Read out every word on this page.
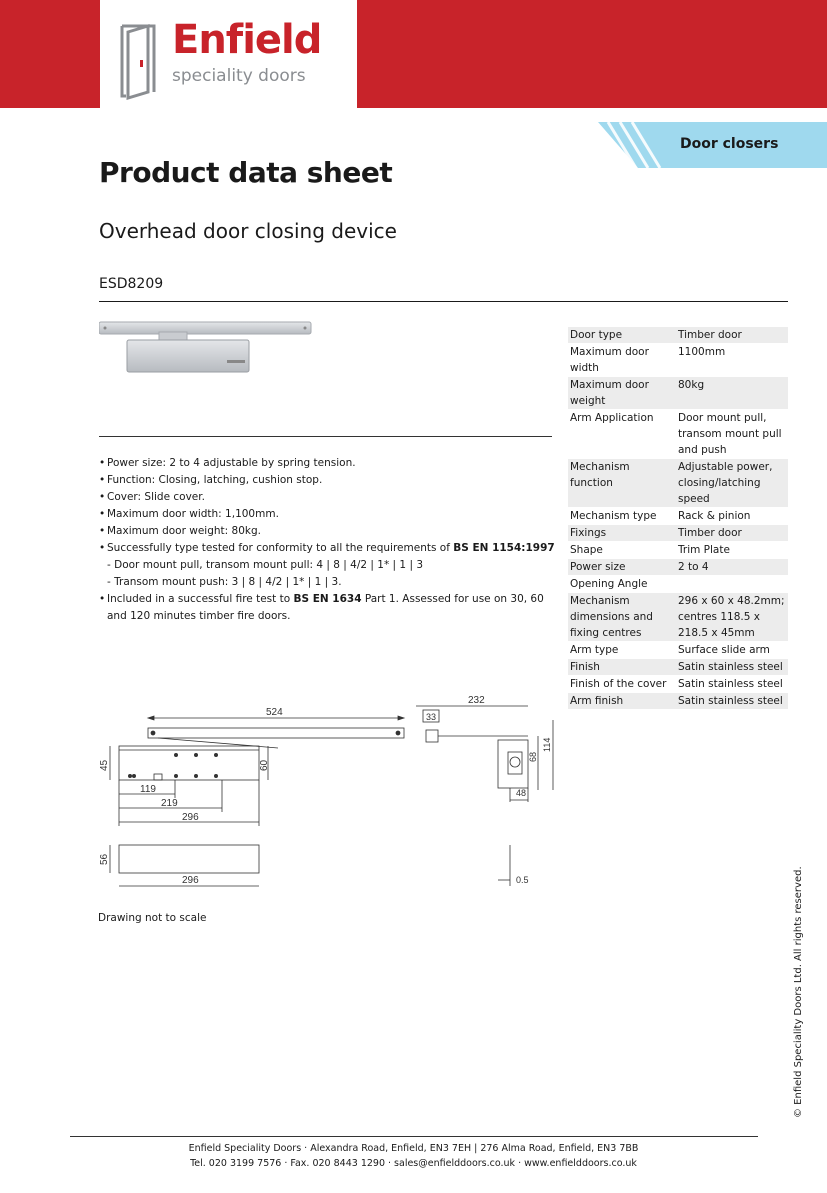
Enfield
speciality doors
Door closers
Product data sheet
Overhead door closing device
ESD8209
• Power size: 2 to 4 adjustable by spring tension.
• Function: Closing, latching, cushion stop.
• Cover: Slide cover.
• Maximum door width: 1,100mm.
• Maximum door weight: 80kg.
• Successfully type tested for conformity to all the requirements of BS EN 1154:1997
- Door mount pull, transom mount pull: 4 | 8 | 4/2 | 1* | 1 | 3
- Transom mount push: 3 | 8 | 4/2 | 1* | 1 | 3.
• Included in a successful fire test to BS EN 1634 Part 1. Assessed for use on 30, 60 and 120 minutes timber fire doors.
Door type	Timber door
Maximum door width	1100mm
Maximum door weight	80kg
Arm Application	Door mount pull, transom mount pull and push
Mechanism function	Adjustable power, closing/latching speed
Mechanism type	Rack & pinion
Fixings	Timber door
Shape	Trim Plate
Power size	2 to 4
Opening Angle	
Mechanism dimensions and fixing centres	296 x 60 x 48.2mm; centres 118.5 x 218.5 x 45mm
Arm type	Surface slide arm
Finish	Satin stainless steel
Finish of the cover	Satin stainless steel
Arm finish	Satin stainless steel
524
45	60
119
219
296
56
296
232
33
68
114
48
0.5
Drawing not to scale	© Enfield Speciality Doors Ltd. All rights reserved.
Enfield Speciality Doors · Alexandra Road, Enfield, EN3 7EH | 276 Alma Road, Enfield, EN3 7BB
Tel. 020 3199 7576 · Fax. 020 8443 1290 · sales@enfielddoors.co.uk · www.enfielddoors.co.uk
